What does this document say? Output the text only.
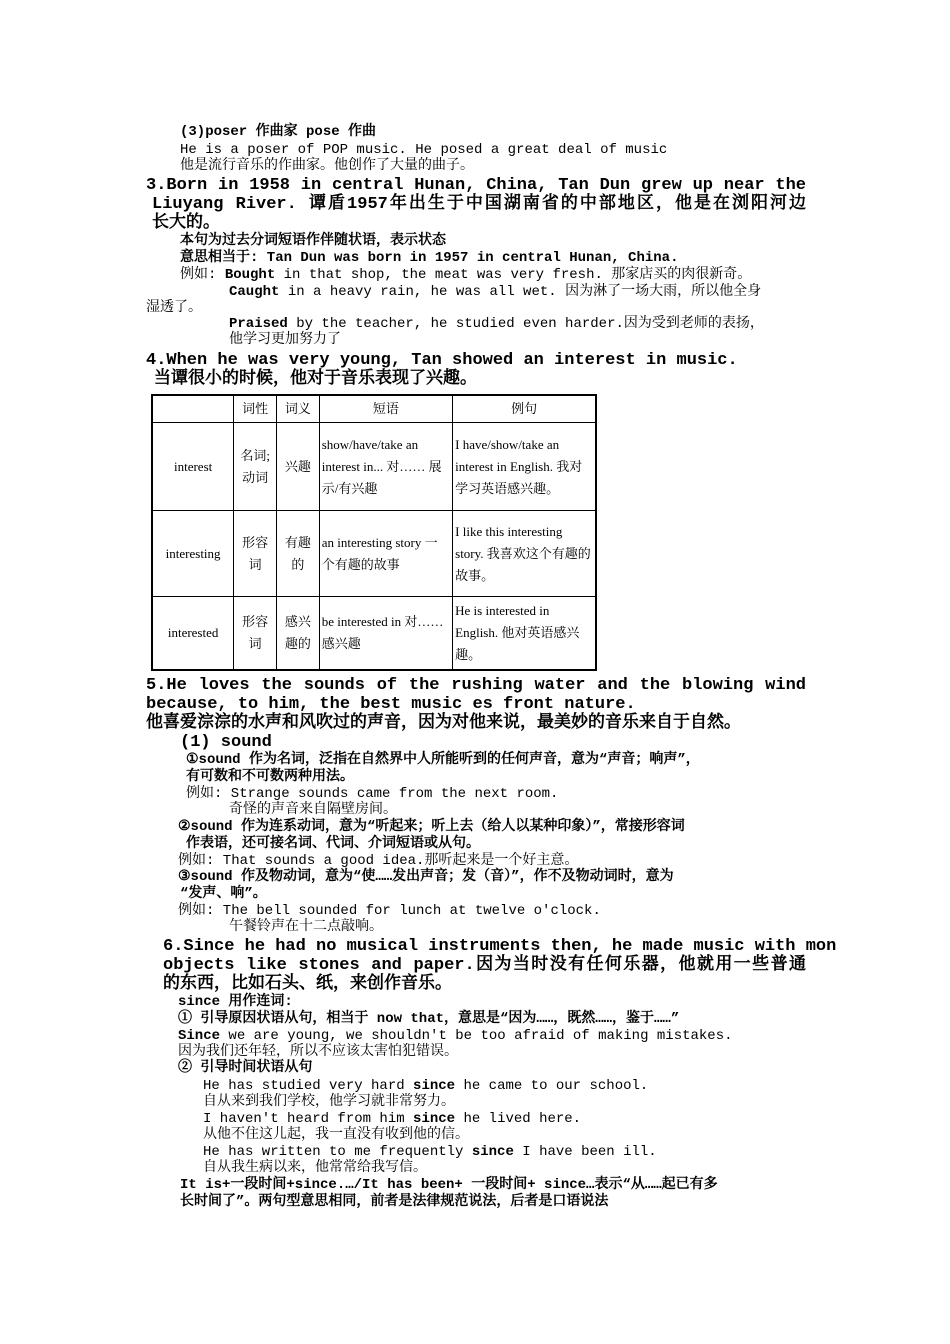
(3)poser 作曲家 pose 作曲
He is a poser of POP music. He posed a great deal of music
他是流行音乐的作曲家。他创作了大量的曲子。
3.Born in 1958 in central Hunan, China, Tan Dun grew up near the
Liuyang River. 谭盾1957年出生于中国湖南省的中部地区，他是在浏阳河边
长大的。
本句为过去分词短语作伴随状语，表示状态
意思相当于: Tan Dun was born in 1957 in central Hunan, China.
例如: Bought in that shop, the meat was very fresh. 那家店买的肉很新奇。
Caught in a heavy rain, he was all wet. 因为淋了一场大雨，所以他全身
湿透了。
Praised by the teacher, he studied even harder.因为受到老师的表扬，
他学习更加努力了
4.When he was very young, Tan showed an interest in music.
当谭很小的时候，他对于音乐表现了兴趣。
	词性	词义	短语	例句
interest	名词;动词	兴趣	show/have/take an interest in... 对…… 展 示/有兴趣	I have/show/take an interest in English. 我对学习英语感兴趣。
interesting	形容词	有趣的	an interesting story 一个有趣的故事	I like this interesting story. 我喜欢这个有趣的故事。
interested	形容词	感兴趣的	be interested in 对……感兴趣	He is interested in English. 他对英语感兴趣。
5.He loves the sounds of the rushing water and the blowing wind
because, to him, the best music es front nature.
他喜爱淙淙的水声和风吹过的声音，因为对他来说，最美妙的音乐来自于自然。
(1) sound
①sound 作为名词，泛指在自然界中人所能听到的任何声音，意为“声音；响声”，
有可数和不可数两种用法。
例如: Strange sounds came from the next room.
奇怪的声音来自隔壁房间。
②sound 作为连系动词，意为“听起来；听上去（给人以某种印象）”，常接形容词
作表语，还可接名词、代词、介词短语或从句。
例如: That sounds a good idea.那听起来是一个好主意。
③sound 作及物动词，意为“使……发出声音；发（音）”，作不及物动词时，意为
“发声、响”。
例如: The bell sounded for lunch at twelve o'clock.
午餐铃声在十二点敲响。
6.Since he had no musical instruments then, he made music with mon
objects like stones and paper.因为当时没有任何乐器，他就用一些普通
的东西，比如石头、纸，来创作音乐。
since 用作连词:
① 引导原因状语从句，相当于 now that，意思是“因为……，既然……，鉴于……”
Since we are young, we shouldn't be too afraid of making mistakes.
因为我们还年轻，所以不应该太害怕犯错误。
② 引导时间状语从句
He has studied very hard since he came to our school.
自从来到我们学校，他学习就非常努力。
I haven't heard from him since he lived here.
从他不住这儿起，我一直没有收到他的信。
He has written to me frequently since I have been ill.
自从我生病以来，他常常给我写信。
It is+一段时间+since.…/It has been+ 一段时间+ since…表示“从……起已有多
长时间了”。两句型意思相同，前者是法律规范说法，后者是口语说法
